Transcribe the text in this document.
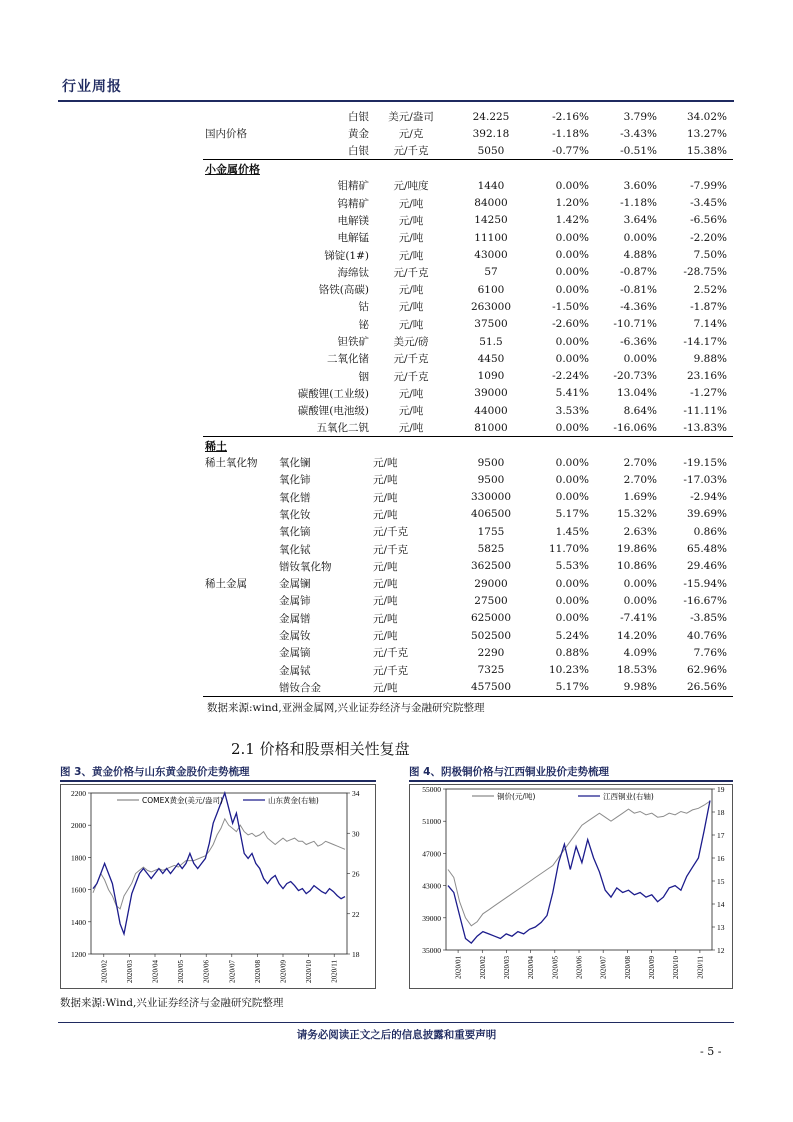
行业周报
	白银	美元/盎司	24.225	-2.16%	3.79%	34.02%
国内价格	黄金	元/克	392.18	-1.18%	-3.43%	13.27%
	白银	元/千克	5050	-0.77%	-0.51%	15.38%
小金属价格						
	钼精矿	元/吨度	1440	0.00%	3.60%	-7.99%
	钨精矿	元/吨	84000	1.20%	-1.18%	-3.45%
	电解镁	元/吨	14250	1.42%	3.64%	-6.56%
	电解锰	元/吨	11100	0.00%	0.00%	-2.20%
	锑锭(1#)	元/吨	43000	0.00%	4.88%	7.50%
	海绵钛	元/千克	57	0.00%	-0.87%	-28.75%
	铬铁(高碳)	元/吨	6100	0.00%	-0.81%	2.52%
	钴	元/吨	263000	-1.50%	-4.36%	-1.87%
	铋	元/吨	37500	-2.60%	-10.71%	7.14%
	钽铁矿	美元/磅	51.5	0.00%	-6.36%	-14.17%
	二氧化锗	元/千克	4450	0.00%	0.00%	9.88%
	铟	元/千克	1090	-2.24%	-20.73%	23.16%
	碳酸锂(工业级)	元/吨	39000	5.41%	13.04%	-1.27%
	碳酸锂(电池级)	元/吨	44000	3.53%	8.64%	-11.11%
	五氧化二钒	元/吨	81000	0.00%	-16.06%	-13.83%
稀土						
稀土氧化物	氧化镧	元/吨	9500	0.00%	2.70%	-19.15%
	氧化铈	元/吨	9500	0.00%	2.70%	-17.03%
	氧化镨	元/吨	330000	0.00%	1.69%	-2.94%
	氧化钕	元/吨	406500	5.17%	15.32%	39.69%
	氧化镝	元/千克	1755	1.45%	2.63%	0.86%
	氧化铽	元/千克	5825	11.70%	19.86%	65.48%
	镨钕氧化物	元/吨	362500	5.53%	10.86%	29.46%
稀土金属	金属镧	元/吨	29000	0.00%	0.00%	-15.94%
	金属铈	元/吨	27500	0.00%	0.00%	-16.67%
	金属镨	元/吨	625000	0.00%	-7.41%	-3.85%
	金属钕	元/吨	502500	5.24%	14.20%	40.76%
	金属镝	元/千克	2290	0.88%	4.09%	7.76%
	金属铽	元/千克	7325	10.23%	18.53%	62.96%
	镨钕合金	元/吨	457500	5.17%	9.98%	26.56%
数据来源:wind,亚洲金属网,兴业证券经济与金融研究院整理
2.1 价格和股票相关性复盘
图 3、黄金价格与山东黄金股价走势梳理	图 4、阴极铜价格与江西铜业股价走势梳理
1200
1400
1600
1800
2000
2200
18
22
26
30
34
2020/02	2020/03	2020/04	2020/05	2020/06	2020/07	2020/08	2020/09	2020/10	2020/11
COMEX黄金(美元/盎司)	山东黄金(右轴)
35000
39000
43000
47000
51000
55000
12
13
14
15
16
17
18
19
2020/01 2020/02 2020/03 2020/04 2020/05 2020/06 2020/07 2020/08 2020/09 2020/10 2020/11
铜价(元/吨)	江西铜业(右轴)
数据来源:Wind,兴业证券经济与金融研究院整理
请务必阅读正文之后的信息披露和重要声明
- 5 -
